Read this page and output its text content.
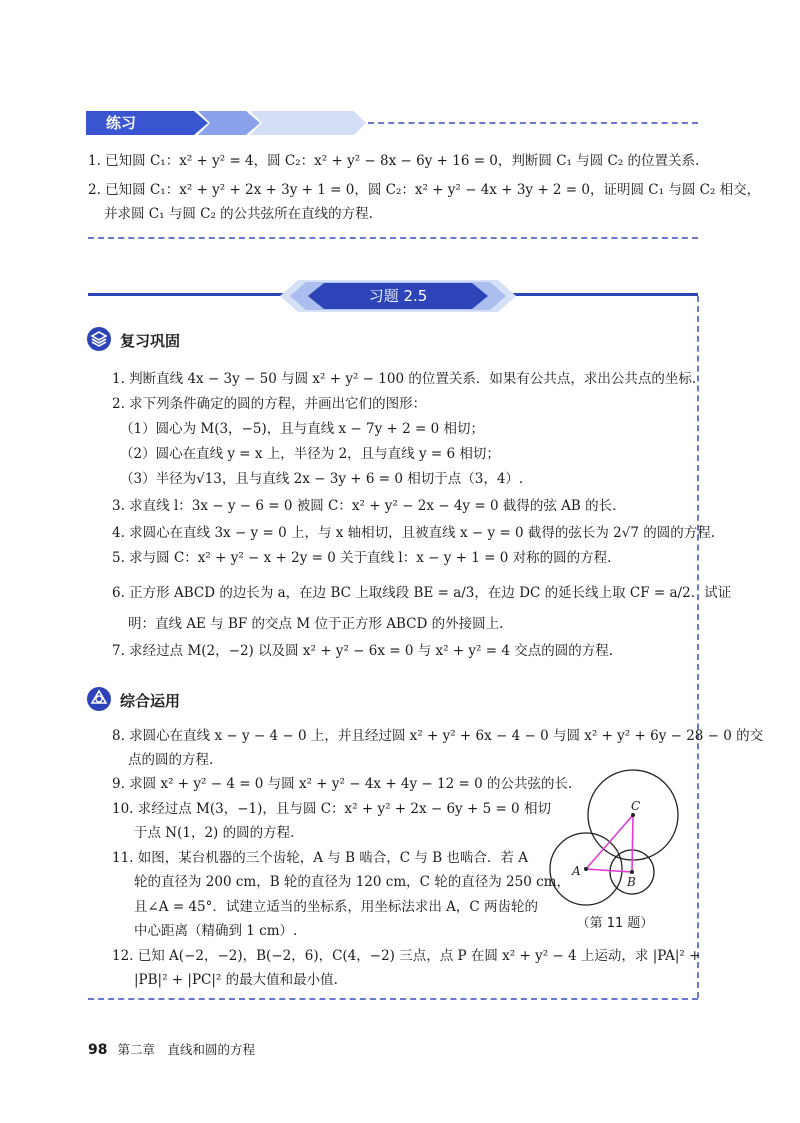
练习
1. 已知圆 C₁：x² + y² = 4，圆 C₂：x² + y² − 8x − 6y + 16 = 0，判断圆 C₁ 与圆 C₂ 的位置关系.
2. 已知圆 C₁：x² + y² + 2x + 3y + 1 = 0，圆 C₂：x² + y² − 4x + 3y + 2 = 0，证明圆 C₁ 与圆 C₂ 相交，
并求圆 C₁ 与圆 C₂ 的公共弦所在直线的方程.
习题 2.5
复习巩固
1. 判断直线 4x − 3y − 50 与圆 x² + y² − 100 的位置关系．如果有公共点，求出公共点的坐标.
2. 求下列条件确定的圆的方程，并画出它们的图形：
（1）圆心为 M(3，−5)，且与直线 x − 7y + 2 = 0 相切；
（2）圆心在直线 y = x 上，半径为 2，且与直线 y = 6 相切；
（3）半径为√13，且与直线 2x − 3y + 6 = 0 相切于点（3，4）.
3. 求直线 l：3x − y − 6 = 0 被圆 C：x² + y² − 2x − 4y = 0 截得的弦 AB 的长.
4. 求圆心在直线 3x − y = 0 上，与 x 轴相切，且被直线 x − y = 0 截得的弦长为 2√7 的圆的方程.
5. 求与圆 C：x² + y² − x + 2y = 0 关于直线 l：x − y + 1 = 0 对称的圆的方程.
6. 正方形 ABCD 的边长为 a，在边 BC 上取线段 BE = a/3，在边 DC 的延长线上取 CF = a/2．试证
明：直线 AE 与 BF 的交点 M 位于正方形 ABCD 的外接圆上.
7. 求经过点 M(2，−2) 以及圆 x² + y² − 6x = 0 与 x² + y² = 4 交点的圆的方程.
综合运用
8. 求圆心在直线 x − y − 4 − 0 上，并且经过圆 x² + y² + 6x − 4 − 0 与圆 x² + y² + 6y − 28 − 0 的交
点的圆的方程.
9. 求圆 x² + y² − 4 = 0 与圆 x² + y² − 4x + 4y − 12 = 0 的公共弦的长.
10. 求经过点 M(3，−1)，且与圆 C：x² + y² + 2x − 6y + 5 = 0 相切
于点 N(1，2) 的圆的方程.
11. 如图，某台机器的三个齿轮，A 与 B 啮合，C 与 B 也啮合．若 A
轮的直径为 200 cm，B 轮的直径为 120 cm，C 轮的直径为 250 cm，
且∠A = 45°．试建立适当的坐标系，用坐标法求出 A，C 两齿轮的
中心距离（精确到 1 cm）.
12. 已知 A(−2，−2)，B(−2，6)，C(4，−2) 三点，点 P 在圆 x² + y² − 4 上运动，求 |PA|² +
|PB|² + |PC|² 的最大值和最小值.
C
A
B
（第 11 题）
98 第二章　直线和圆的方程
